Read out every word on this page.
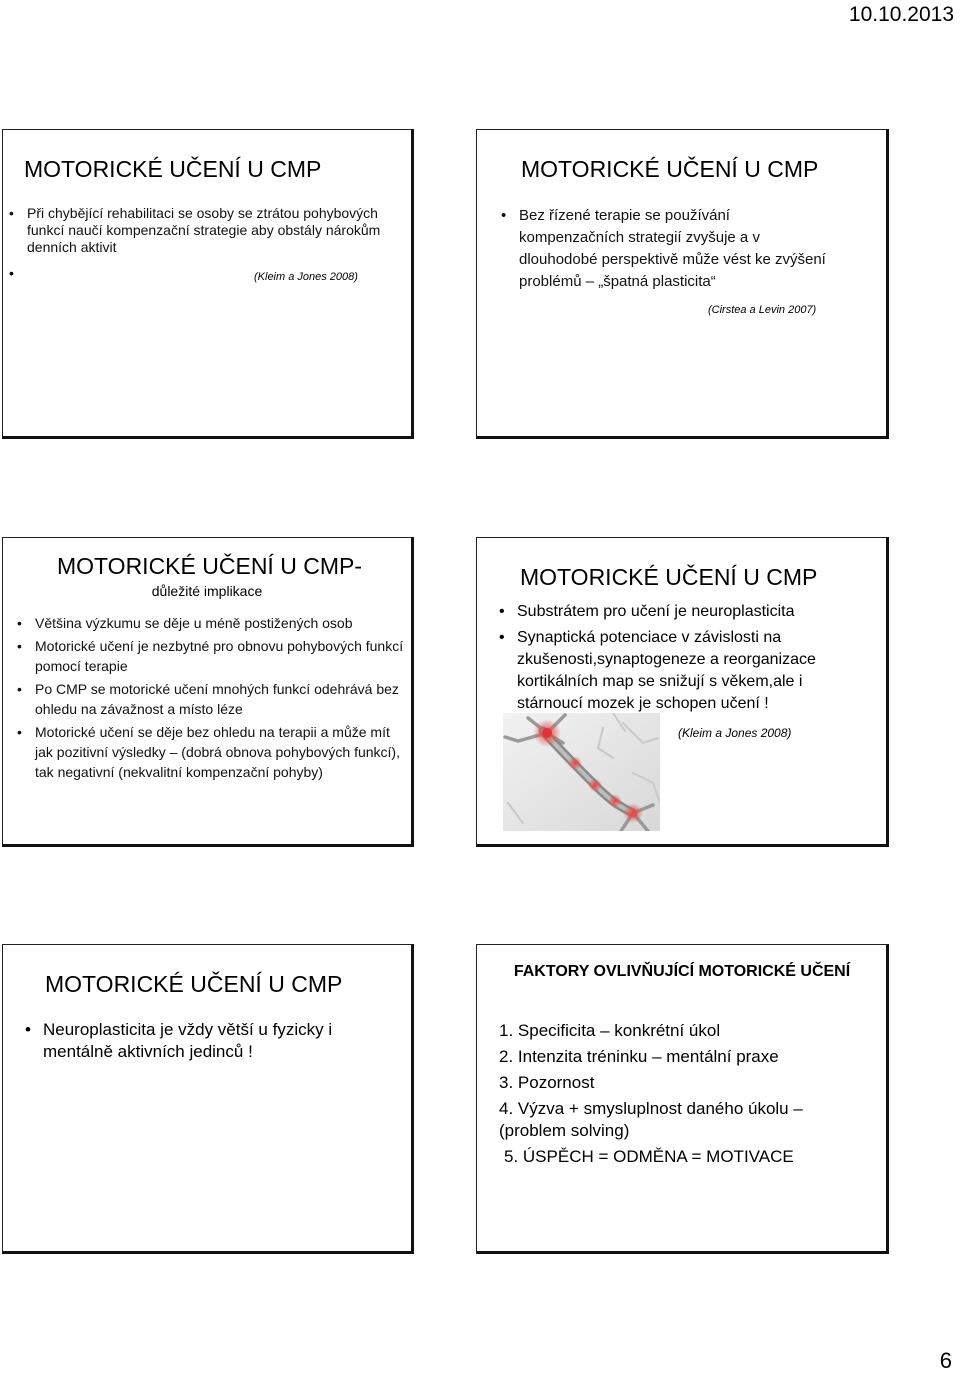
10.10.2013
MOTORICKÉ UČENÍ U CMP
• Při chybějící rehabilitaci se osoby se ztrátou pohybových funkcí naučí kompenzační strategie aby obstály nárokům denních aktivit
•	(Kleim a Jones 2008)
MOTORICKÉ UČENÍ U CMP
• Bez řízené terapie se používání kompenzačních strategií zvyšuje a v dlouhodobé perspektivě může vést ke zvýšení problémů – „špatná plasticita“
(Cirstea a Levin 2007)
MOTORICKÉ UČENÍ U CMP-
důležité implikace
• Většina výzkumu se děje u méně postižených osob
• Motorické učení je nezbytné pro obnovu pohybových funkcí pomocí terapie
• Po CMP se motorické učení mnohých funkcí odehrává bez ohledu na závažnost a místo léze
• Motorické učení se děje bez ohledu na terapii a může mít jak pozitivní výsledky – (dobrá obnova pohybových funkcí), tak negativní (nekvalitní kompenzační pohyby)
MOTORICKÉ UČENÍ U CMP
• Substrátem pro učení je neuroplasticita
• Synaptická potenciace v závislosti na zkušenosti,synaptogeneze a reorganizace kortikálních map se snižují s věkem,ale i stárnoucí mozek je schopen učení !
(Kleim a Jones 2008)
MOTORICKÉ UČENÍ U CMP
• Neuroplasticita je vždy větší u fyzicky i mentálně aktivních jedinců !
FAKTORY OVLIVŇUJÍCÍ MOTORICKÉ UČENÍ
1. Specificita – konkrétní úkol
2. Intenzita tréninku – mentální praxe
3. Pozornost
4. Výzva + smysluplnost daného úkolu – (problem solving)
5. ÚSPĚCH = ODMĚNA = MOTIVACE
6
